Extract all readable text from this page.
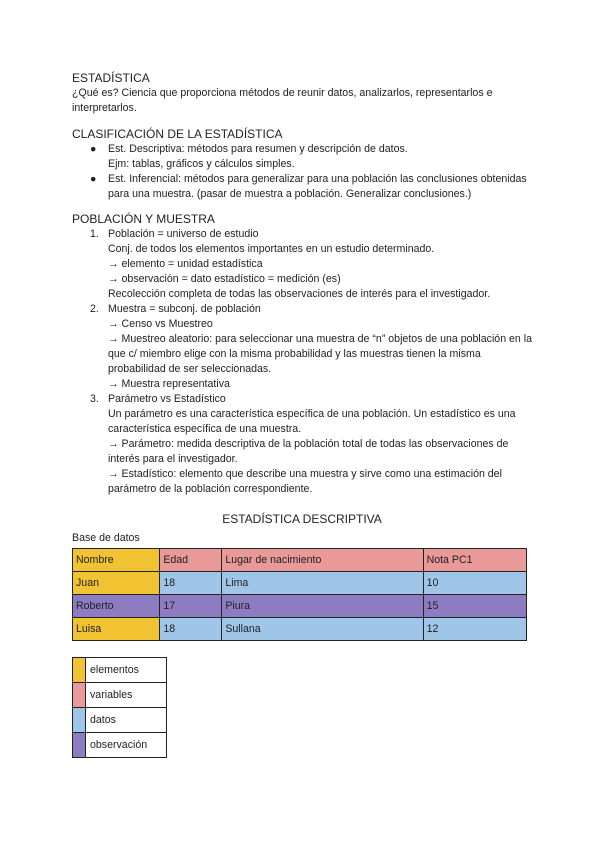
ESTADÍSTICA

¿Qué es? Ciencia que proporciona métodos de reunir datos, analizarlos, representarlos e interpretarlos.

CLASIFICACIÓN DE LA ESTADÍSTICA

● Est. Descriptiva: métodos para resumen y descripción de datos.
Ejm: tablas, gráficos y cálculos simples.
● Est. Inferencial: métodos para generalizar para una población las conclusiones obtenidas para una muestra. (pasar de muestra a población. Generalizar conclusiones.)

POBLACIÓN Y MUESTRA

1. Población = universo de estudio
Conj. de todos los elementos importantes en un estudio determinado.
→ elemento = unidad estadística
→ observación = dato estadístico = medición (es)
Recolección completa de todas las observaciones de interés para el investigador.
2. Muestra = subconj. de población
→ Censo vs Muestreo
→ Muestreo aleatorio: para seleccionar una muestra de “n” objetos de una población en la que c/ miembro elige con la misma probabilidad y las muestras tienen la misma probabilidad de ser seleccionadas.
→ Muestra representativa
3. Parámetro vs Estadístico
Un parámetro es una característica específica de una población. Un estadístico es una característica específica de una muestra.
→ Parámetro: medida descriptiva de la población total de todas las observaciones de interés para el investigador.
→ Estadístico: elemento que describe una muestra y sirve como una estimación del parámetro de la población correspondiente.

ESTADÍSTICA DESCRIPTIVA

Base de datos

Nombre	Edad	Lugar de nacimiento	Nota PC1
Juan	18	Lima	10
Roberto	17	Piura	15
Luisa	18	Sullana	12
	elementos
	variables
	datos
	observación
